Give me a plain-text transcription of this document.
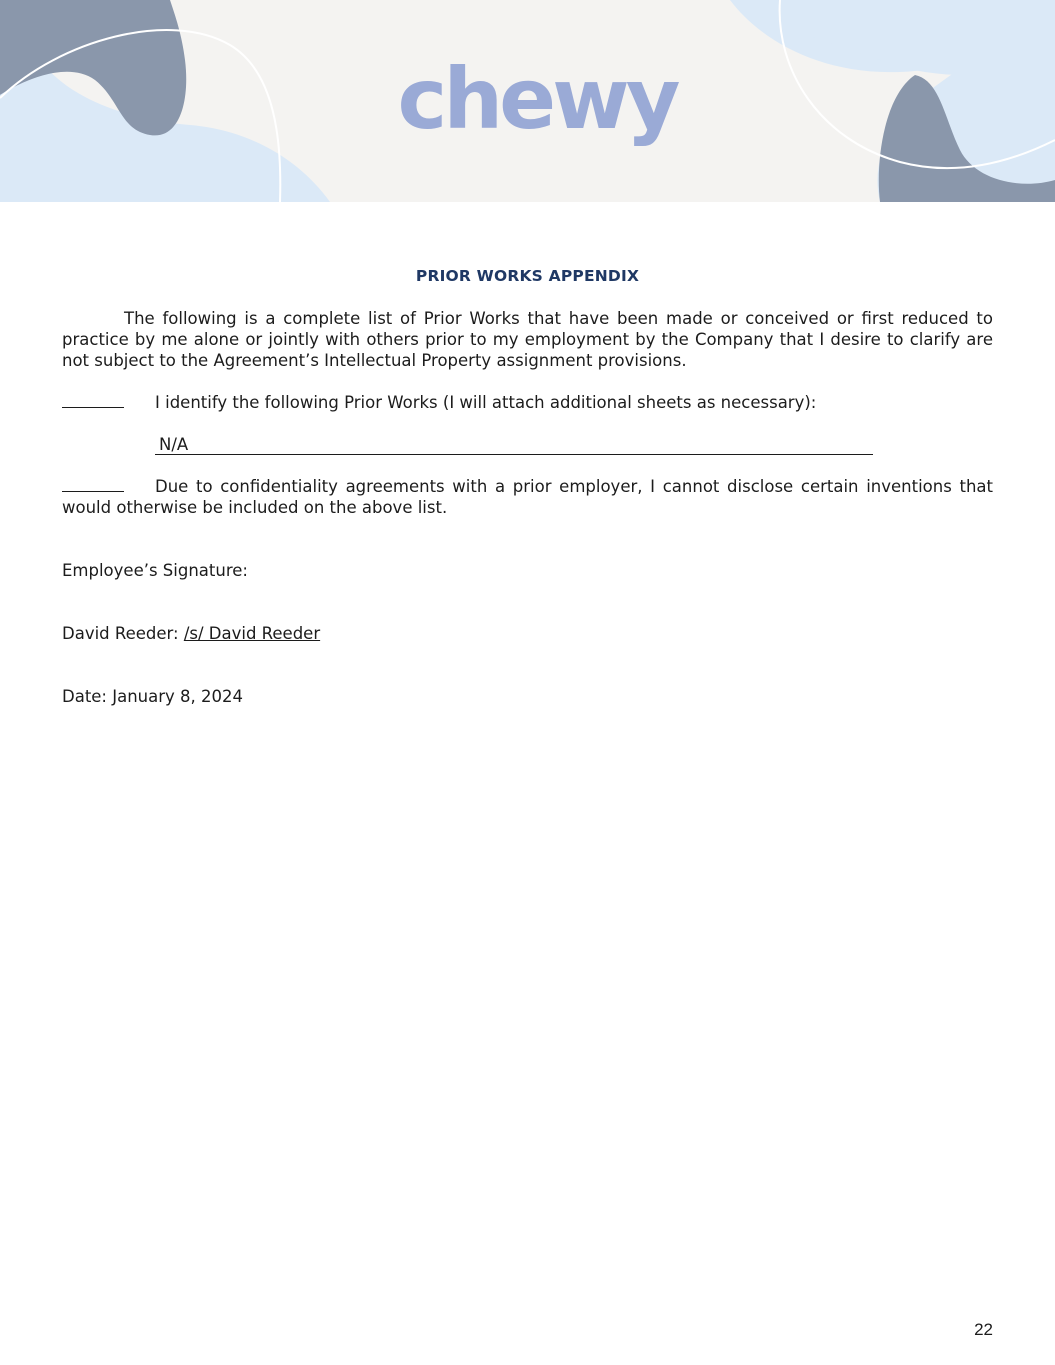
chewy
PRIOR WORKS APPENDIX

The following is a complete list of Prior Works that have been made or conceived or first reduced to practice by me alone or jointly with others prior to my employment by the Company that I desire to clarify are not subject to the Agreement’s Intellectual Property assignment provisions.

I identify the following Prior Works (I will attach additional sheets as necessary):
N/A

Due to confidentiality agreements with a prior employer, I cannot disclose certain inventions that would otherwise be included on the above list.

Employee’s Signature:
David Reeder: /s/ David Reeder
Date: January 8, 2024
22
